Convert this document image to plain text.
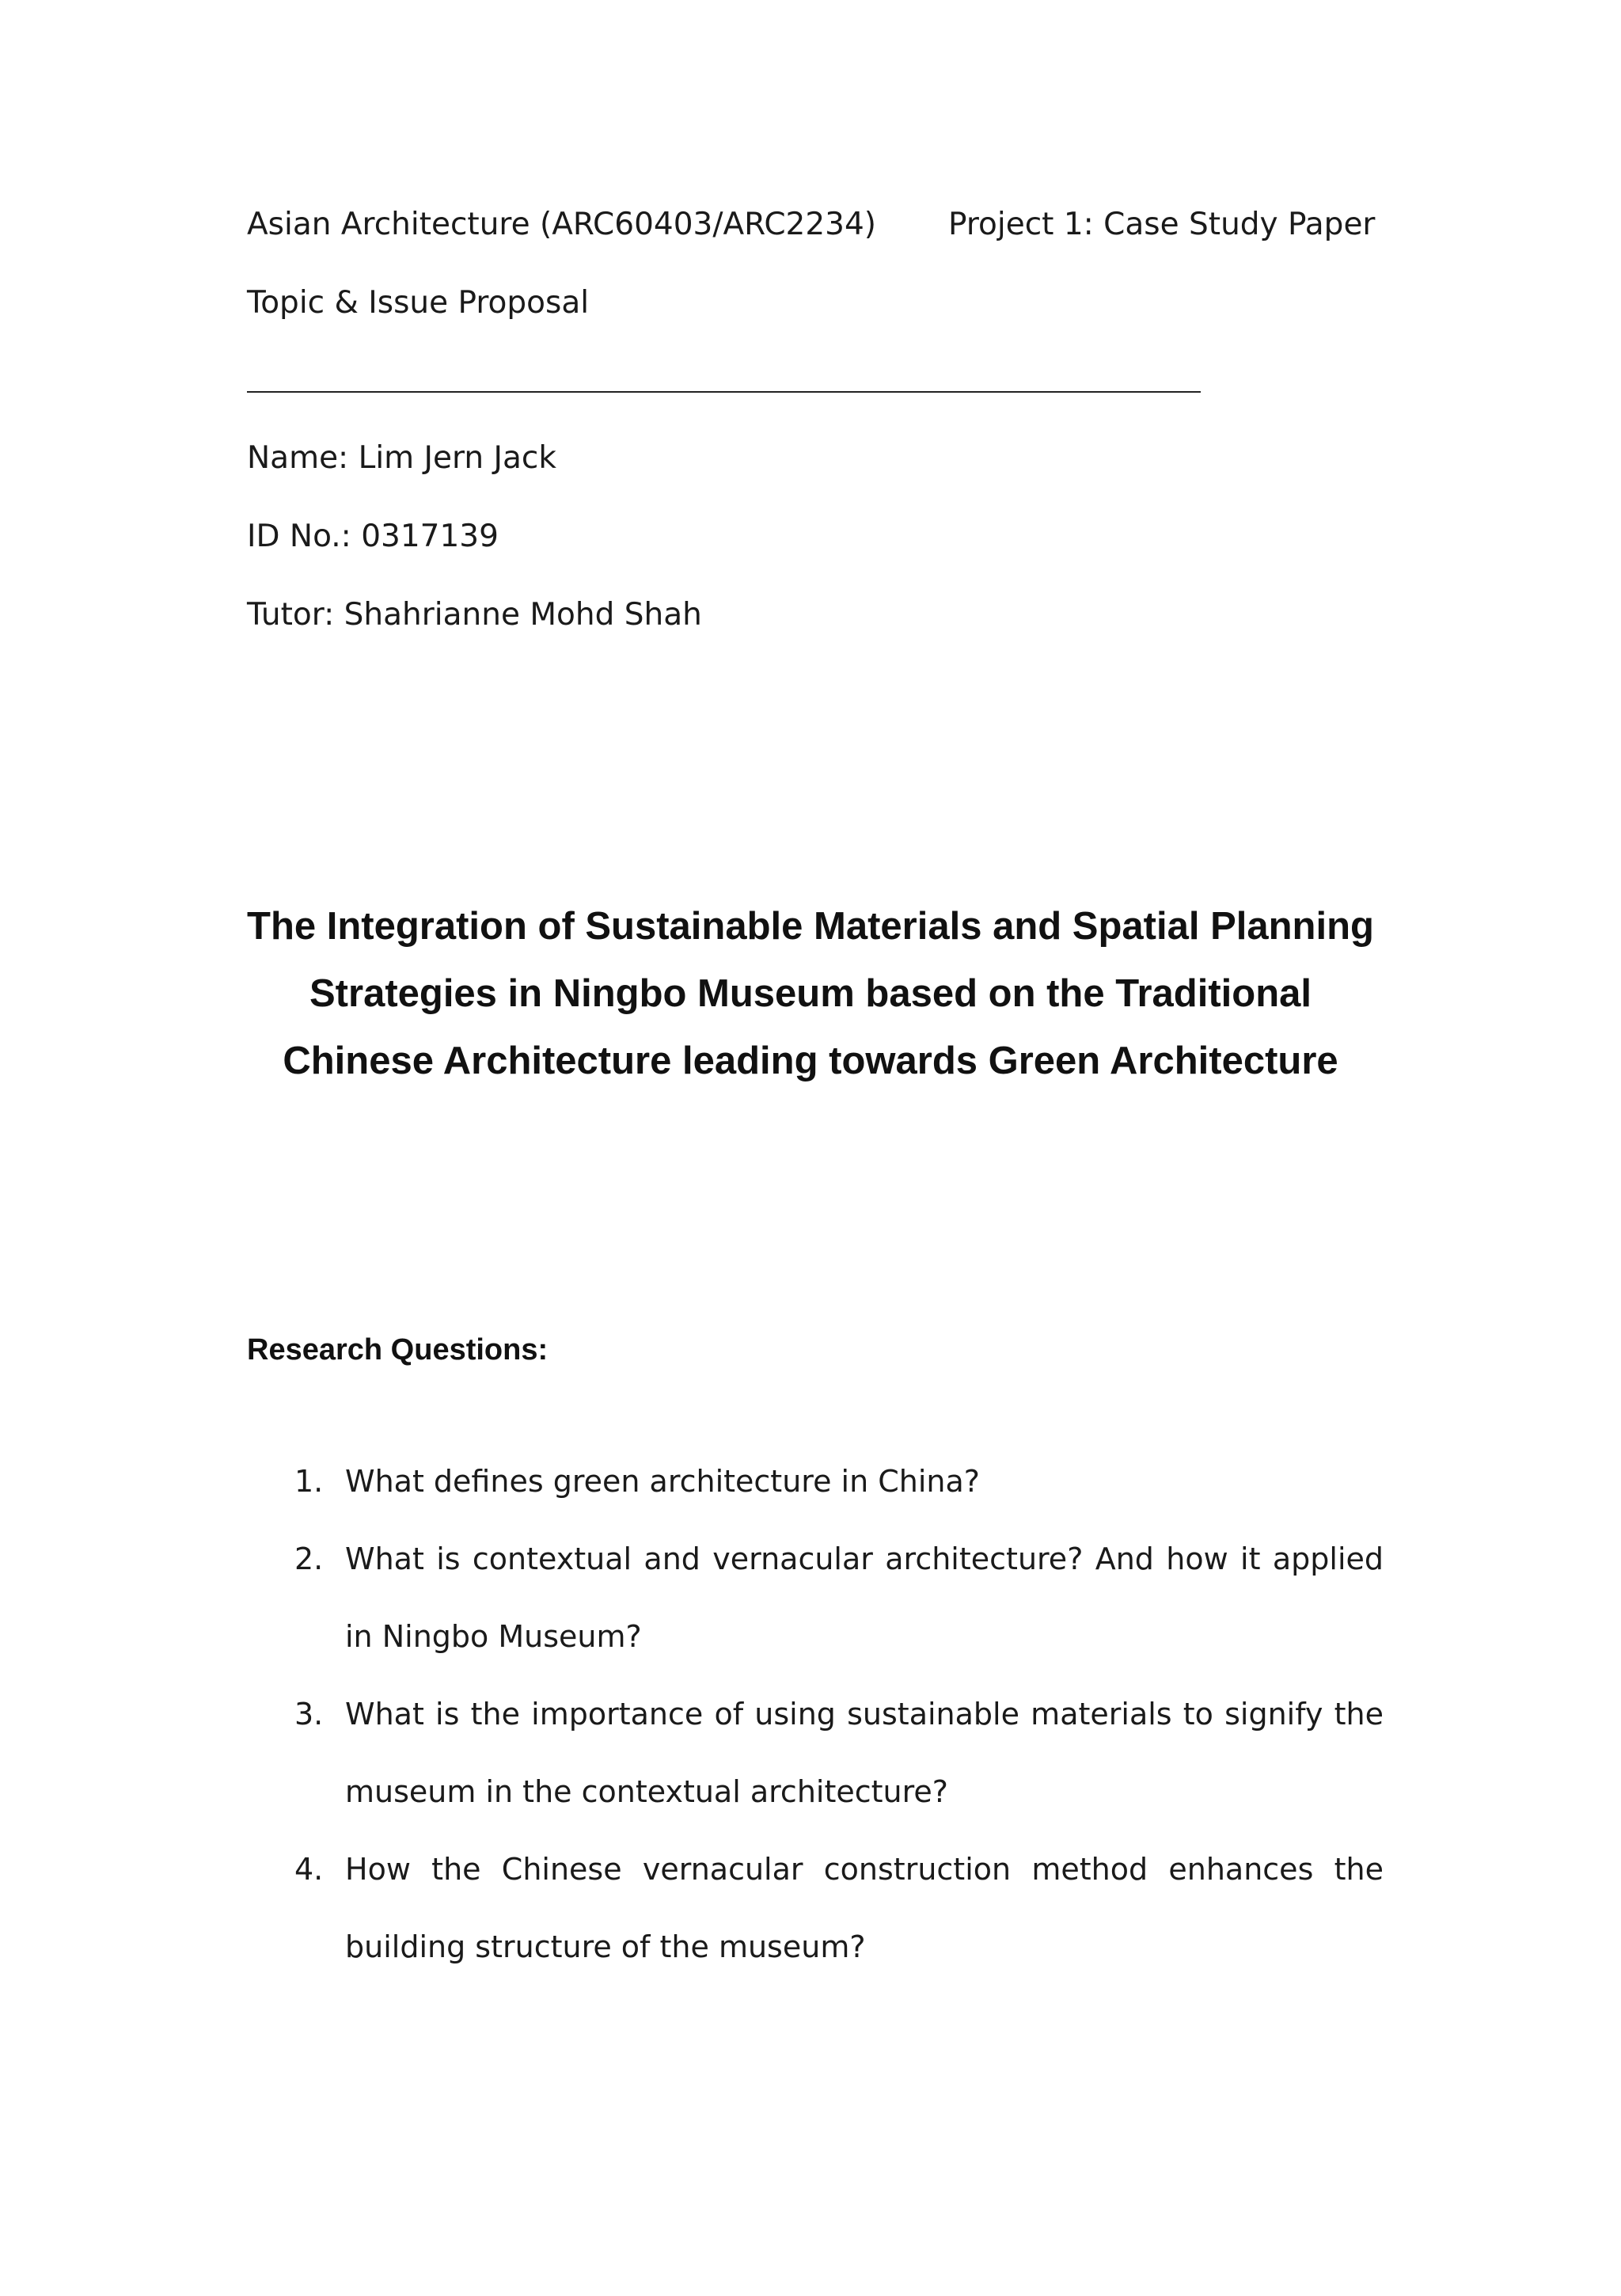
Asian Architecture (ARC60403/ARC2234) Project 1: Case Study Paper
Topic & Issue Proposal
Name: Lim Jern Jack
ID No.: 0317139
Tutor: Shahrianne Mohd Shah
The Integration of Sustainable Materials and Spatial Planning
Strategies in Ningbo Museum based on the Traditional
Chinese Architecture leading towards Green Architecture
Research Questions:
1. What defines green architecture in China?
2. What is contextual and vernacular architecture? And how it applied in Ningbo Museum?
3. What is the importance of using sustainable materials to signify the museum in the contextual architecture?
4. How the Chinese vernacular construction method enhances the building structure of the museum?
